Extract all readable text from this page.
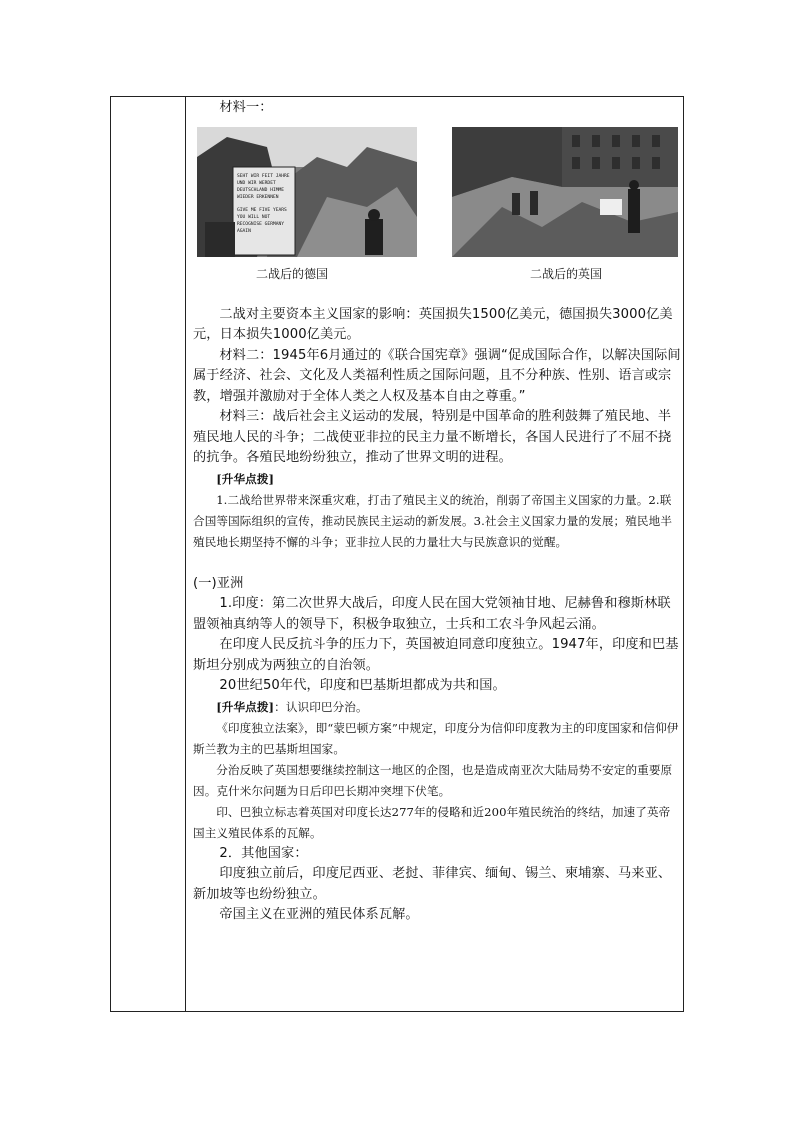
材料一：

SEHT WIR FEIT JAHRE
UND WIR WERDET
DEUTSCHLAND HIMME
WIEDER ERKENNEN
GIVE ME FIVE YEARS
YOU WILL NOT
RECOGNISE GERMANY
AGAIN
二战后的德国	二战后的英国

二战对主要资本主义国家的影响：英国损失1500亿美元，德国损失3000亿美元，日本损失1000亿美元。

材料二：1945年6月通过的《联合国宪章》强调“促成国际合作，以解决国际间属于经济、社会、文化及人类福利性质之国际问题，且不分种族、性别、语言或宗教，增强并激励对于全体人类之人权及基本自由之尊重。”

材料三：战后社会主义运动的发展，特别是中国革命的胜利鼓舞了殖民地、半殖民地人民的斗争；二战使亚非拉的民主力量不断增长，各国人民进行了不屈不挠的抗争。各殖民地纷纷独立，推动了世界文明的进程。

[升华点拨]

1.二战给世界带来深重灾难，打击了殖民主义的统治，削弱了帝国主义国家的力量。2.联合国等国际组织的宣传，推动民族民主运动的新发展。3.社会主义国家力量的发展；殖民地半殖民地长期坚持不懈的斗争；亚非拉人民的力量壮大与民族意识的觉醒。

(一)亚洲

1.印度：第二次世界大战后，印度人民在国大党领袖甘地、尼赫鲁和穆斯林联盟领袖真纳等人的领导下，积极争取独立，士兵和工农斗争风起云涌。

在印度人民反抗斗争的压力下，英国被迫同意印度独立。1947年，印度和巴基斯坦分别成为两独立的自治领。

20世纪50年代，印度和巴基斯坦都成为共和国。

[升华点拨]：认识印巴分治。

《印度独立法案》，即“蒙巴顿方案”中规定，印度分为信仰印度教为主的印度国家和信仰伊斯兰教为主的巴基斯坦国家。

分治反映了英国想要继续控制这一地区的企图，也是造成南亚次大陆局势不安定的重要原因。克什米尔问题为日后印巴长期冲突埋下伏笔。

印、巴独立标志着英国对印度长达277年的侵略和近200年殖民统治的终结，加速了英帝国主义殖民体系的瓦解。

2．其他国家：

印度独立前后，印度尼西亚、老挝、菲律宾、缅甸、锡兰、柬埔寨、马来亚、新加坡等也纷纷独立。

帝国主义在亚洲的殖民体系瓦解。
